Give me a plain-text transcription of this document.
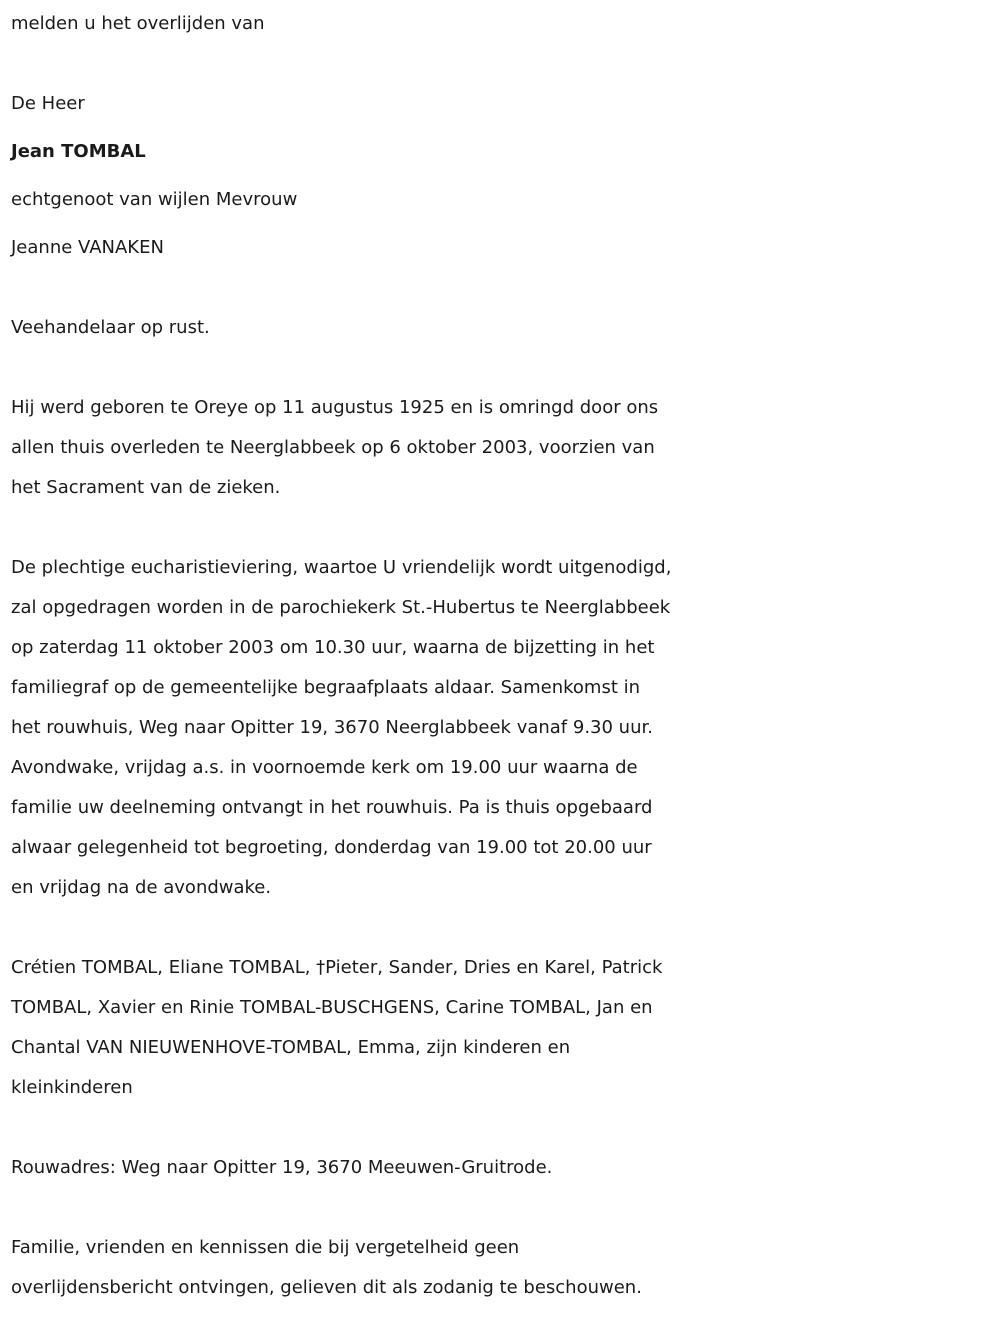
melden u het overlijden van

De Heer

Jean TOMBAL

echtgenoot van wijlen Mevrouw

Jeanne VANAKEN

Veehandelaar op rust.

Hij werd geboren te Oreye op 11 augustus 1925 en is omringd door ons

allen thuis overleden te Neerglabbeek op 6 oktober 2003, voorzien van

het Sacrament van de zieken.

De plechtige eucharistieviering, waartoe U vriendelijk wordt uitgenodigd,

zal opgedragen worden in de parochiekerk St.-Hubertus te Neerglabbeek

op zaterdag 11 oktober 2003 om 10.30 uur, waarna de bijzetting in het

familiegraf op de gemeentelijke begraafplaats aldaar. Samenkomst in

het rouwhuis, Weg naar Opitter 19, 3670 Neerglabbeek vanaf 9.30 uur.

Avondwake, vrijdag a.s. in voornoemde kerk om 19.00 uur waarna de

familie uw deelneming ontvangt in het rouwhuis. Pa is thuis opgebaard

alwaar gelegenheid tot begroeting, donderdag van 19.00 tot 20.00 uur

en vrijdag na de avondwake.

Crétien TOMBAL, Eliane TOMBAL, †Pieter, Sander, Dries en Karel, Patrick

TOMBAL, Xavier en Rinie TOMBAL-BUSCHGENS, Carine TOMBAL, Jan en

Chantal VAN NIEUWENHOVE-TOMBAL, Emma, zijn kinderen en

kleinkinderen

Rouwadres: Weg naar Opitter 19, 3670 Meeuwen-Gruitrode.

Familie, vrienden en kennissen die bij vergetelheid geen

overlijdensbericht ontvingen, gelieven dit als zodanig te beschouwen.
